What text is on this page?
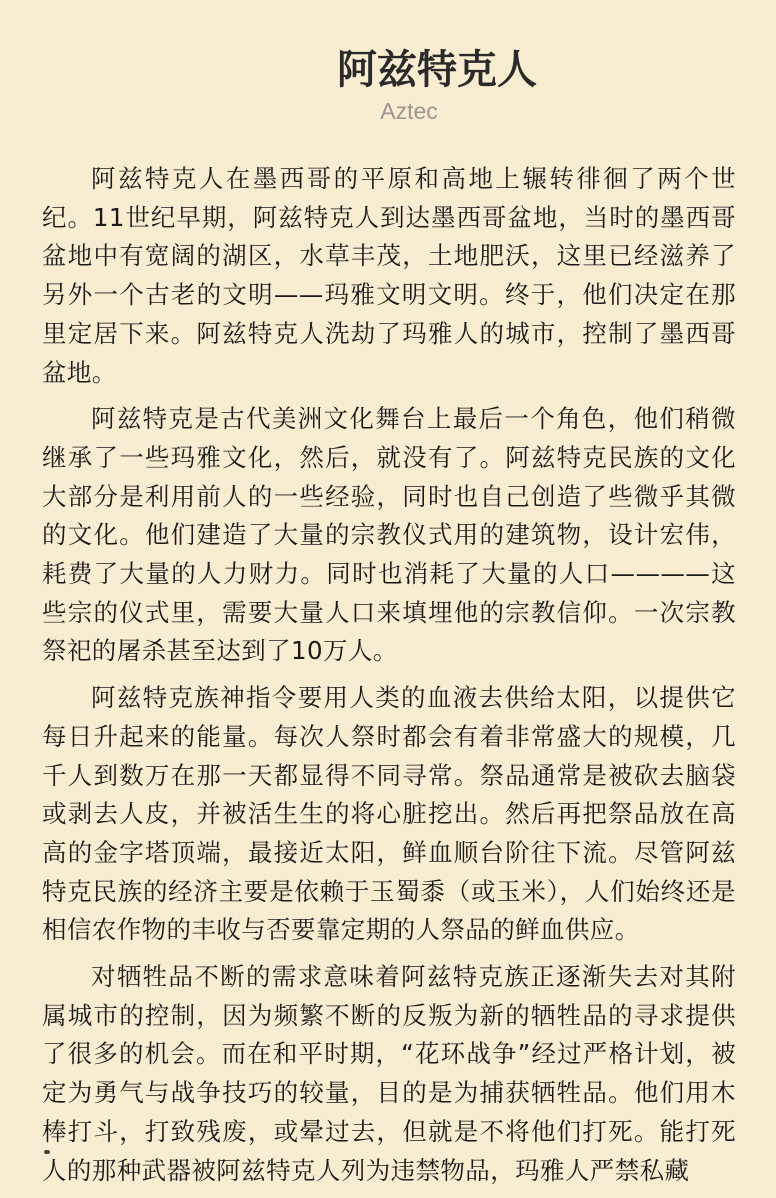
阿兹特克人
Aztec

阿兹特克人在墨西哥的平原和高地上辗转徘徊了两个世纪。11世纪早期，阿兹特克人到达墨西哥盆地，当时的墨西哥盆地中有宽阔的湖区，水草丰茂，土地肥沃，这里已经滋养了另外一个古老的文明——玛雅文明文明。终于，他们决定在那里定居下来。阿兹特克人洗劫了玛雅人的城市，控制了墨西哥盆地。

阿兹特克是古代美洲文化舞台上最后一个角色，他们稍微继承了一些玛雅文化，然后，就没有了。阿兹特克民族的文化大部分是利用前人的一些经验，同时也自己创造了些微乎其微的文化。他们建造了大量的宗教仪式用的建筑物，设计宏伟，耗费了大量的人力财力。同时也消耗了大量的人口————这些宗的仪式里，需要大量人口来填埋他的宗教信仰。一次宗教祭祀的屠杀甚至达到了10万人。

阿兹特克族神指令要用人类的血液去供给太阳，以提供它每日升起来的能量。每次人祭时都会有着非常盛大的规模，几千人到数万在那一天都显得不同寻常。祭品通常是被砍去脑袋或剥去人皮，并被活生生的将心脏挖出。然后再把祭品放在高高的金字塔顶端，最接近太阳，鲜血顺台阶往下流。尽管阿兹特克民族的经济主要是依赖于玉蜀黍（或玉米），人们始终还是相信农作物的丰收与否要靠定期的人祭品的鲜血供应。

对牺牲品不断的需求意味着阿兹特克族正逐渐失去对其附属城市的控制，因为频繁不断的反叛为新的牺牲品的寻求提供了很多的机会。而在和平时期，“花环战争”经过严格计划，被定为勇气与战争技巧的较量，目的是为捕获牺牲品。他们用木棒打斗，打致残废，或晕过去，但就是不将他们打死。能打死人的那种武器被阿兹特克人列为违禁物品，玛雅人严禁私藏
